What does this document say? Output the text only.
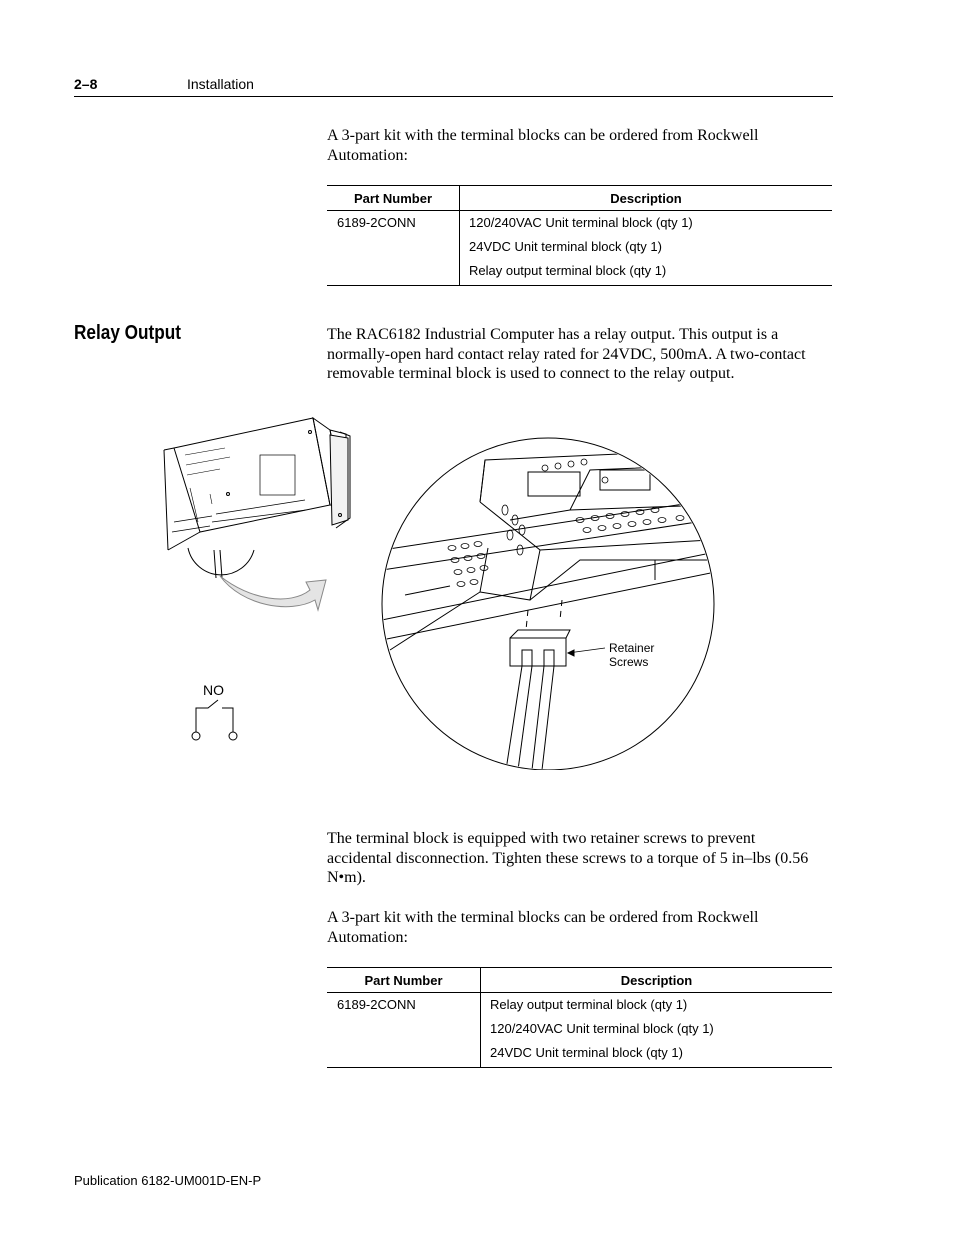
2–8	Installation
A 3-part kit with the terminal blocks can be ordered from Rockwell Automation:
Part Number	Description
6189-2CONN	120/240VAC Unit terminal block (qty 1)
	24VDC Unit terminal block (qty 1)
	Relay output terminal block (qty 1)
Relay Output	The RAC6182 Industrial Computer has a relay output. This output is a normally-open hard contact relay rated for 24VDC, 500mA. A two-contact removable terminal block is used to connect to the relay output.
Retainer
Screws
NO
The terminal block is equipped with two retainer screws to prevent accidental disconnection. Tighten these screws to a torque of 5 in–lbs (0.56 N•m).
A 3-part kit with the terminal blocks can be ordered from Rockwell Automation:
Part Number	Description
6189-2CONN	Relay output terminal block (qty 1)
	120/240VAC Unit terminal block (qty 1)
	24VDC Unit terminal block (qty 1)
Publication 6182-UM001D-EN-P
